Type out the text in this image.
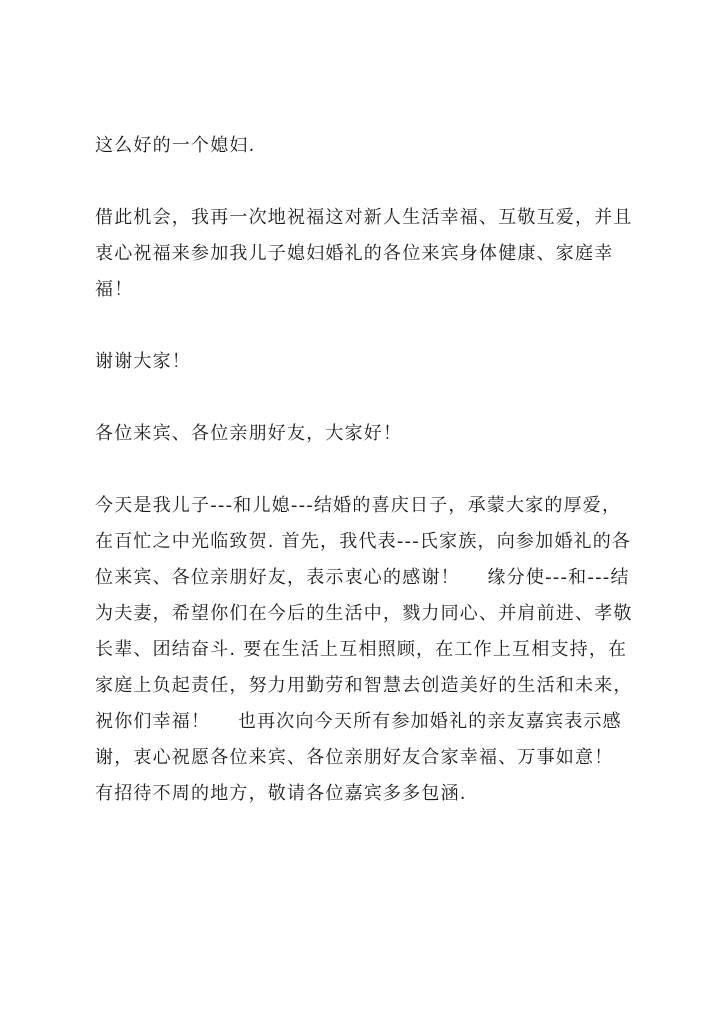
这么好的一个媳妇.

借此机会，我再一次地祝福这对新人生活幸福、互敬互爱，并且衷心祝福来参加我儿子媳妇婚礼的各位来宾身体健康、家庭幸福！

谢谢大家！

各位来宾、各位亲朋好友，大家好！

今天是我儿子---和儿媳---结婚的喜庆日子，承蒙大家的厚爱，在百忙之中光临致贺. 首先，我代表---氏家族，向参加婚礼的各位来宾、各位亲朋好友，表示衷心的感谢！    缘分使---和---结为夫妻，希望你们在今后的生活中，戮力同心、并肩前进、孝敬长辈、团结奋斗. 要在生活上互相照顾，在工作上互相支持，在家庭上负起责任，努力用勤劳和智慧去创造美好的生活和未来，祝你们幸福！    也再次向今天所有参加婚礼的亲友嘉宾表示感谢，衷心祝愿各位来宾、各位亲朋好友合家幸福、万事如意！    有招待不周的地方，敬请各位嘉宾多多包涵.
